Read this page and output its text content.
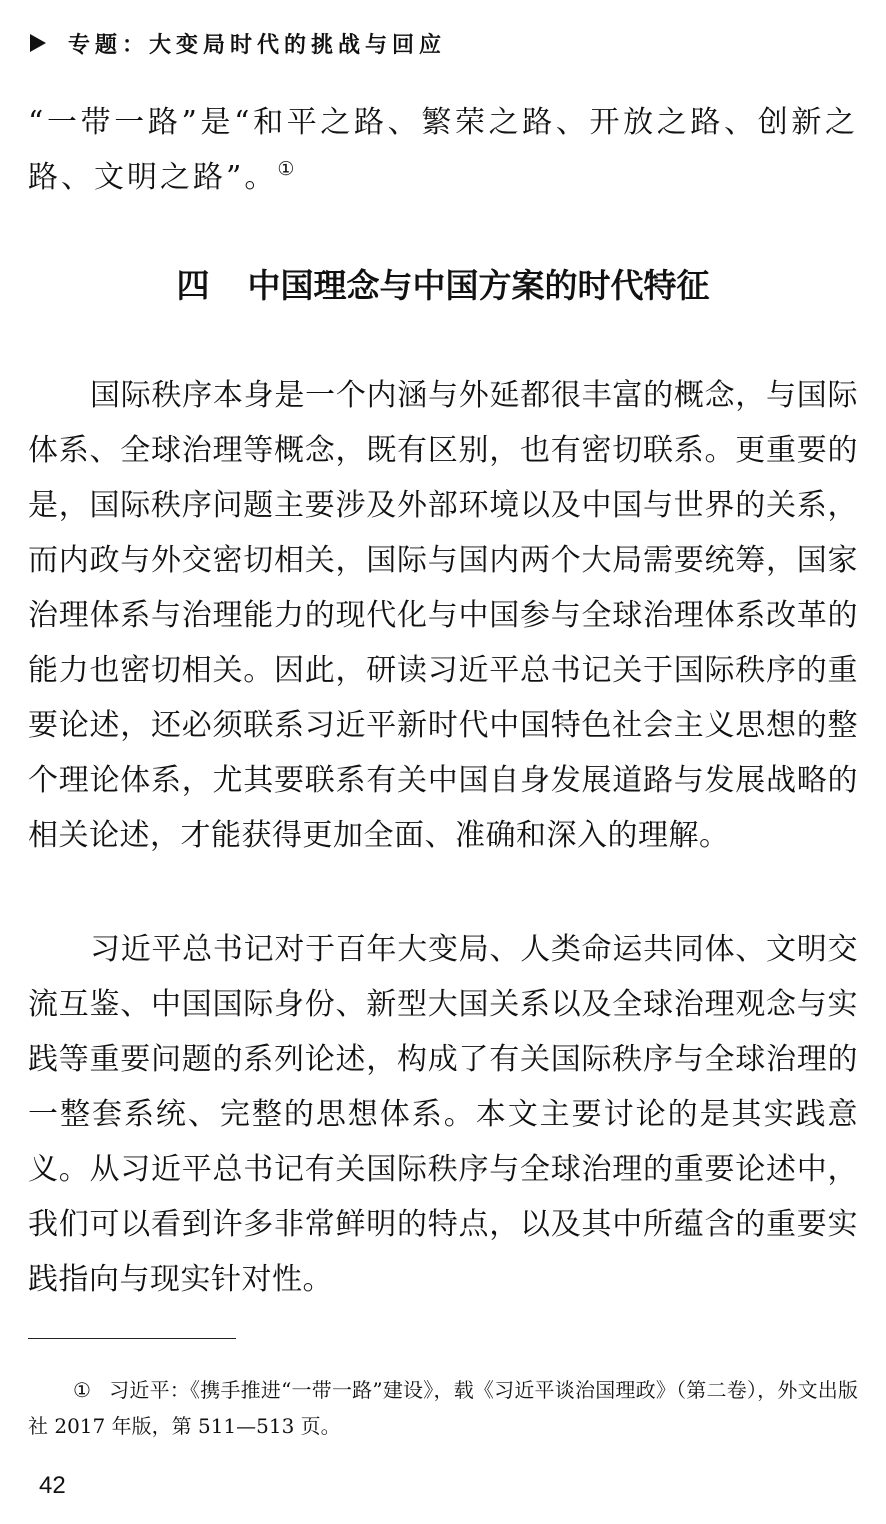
专题：大变局时代的挑战与回应

“一带一路”是“和平之路、繁荣之路、开放之路、创新之路、文明之路”。①

四 中国理念与中国方案的时代特征

国际秩序本身是一个内涵与外延都很丰富的概念，与国际体系、全球治理等概念，既有区别，也有密切联系。更重要的是，国际秩序问题主要涉及外部环境以及中国与世界的关系，而内政与外交密切相关，国际与国内两个大局需要统筹，国家治理体系与治理能力的现代化与中国参与全球治理体系改革的能力也密切相关。因此，研读习近平总书记关于国际秩序的重要论述，还必须联系习近平新时代中国特色社会主义思想的整个理论体系，尤其要联系有关中国自身发展道路与发展战略的相关论述，才能获得更加全面、准确和深入的理解。

习近平总书记对于百年大变局、人类命运共同体、文明交流互鉴、中国国际身份、新型大国关系以及全球治理观念与实践等重要问题的系列论述，构成了有关国际秩序与全球治理的一整套系统、完整的思想体系。本文主要讨论的是其实践意义。从习近平总书记有关国际秩序与全球治理的重要论述中，我们可以看到许多非常鲜明的特点，以及其中所蕴含的重要实践指向与现实针对性。

① 习近平：《携手推进“一带一路”建设》，载《习近平谈治国理政》（第二卷），外文出版社 2017 年版，第 511—513 页。

42
